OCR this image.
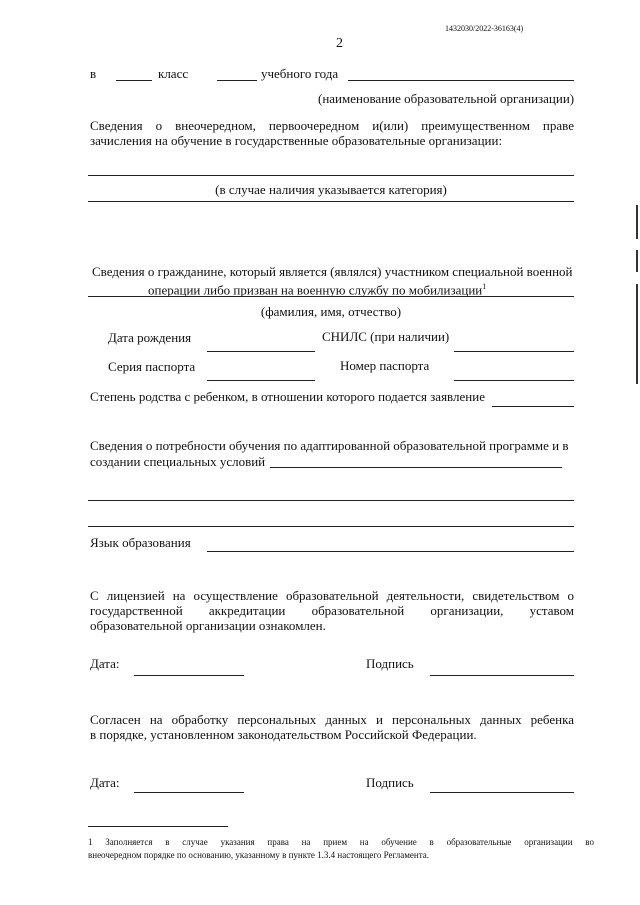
1432030/2022-36163(4)
2
в	класс	учебного года
(наименование образовательной организации)
Сведения о внеочередном, первоочередном и(или) преимущественном праве
зачисления на обучение в государственные образовательные организации:
(в случае наличия указывается категория)
Сведения о гражданине, который является (являлся) участником специальной военной
операции либо призван на военную службу по мобилизации$^1$
(фамилия, имя, отчество)
Дата рождения	СНИЛС (при наличии)
Серия паспорта	Номер паспорта
Степень родства с ребенком, в отношении которого подается заявление
Сведения о потребности обучения по адаптированной образовательной программе и в
создании специальных условий
Язык образования
С лицензией на осуществление образовательной деятельности, свидетельством о
государственной аккредитации образовательной организации, уставом
образовательной организации ознакомлен.
Дата:	Подпись
Согласен на обработку персональных данных и персональных данных ребенка
в порядке, установленном законодательством Российской Федерации.
Дата:	Подпись
1 Заполняется в случае указания права на прием на обучение в образовательные организации во
внеочередном порядке по основанию, указанному в пункте 1.3.4 настоящего Регламента.
